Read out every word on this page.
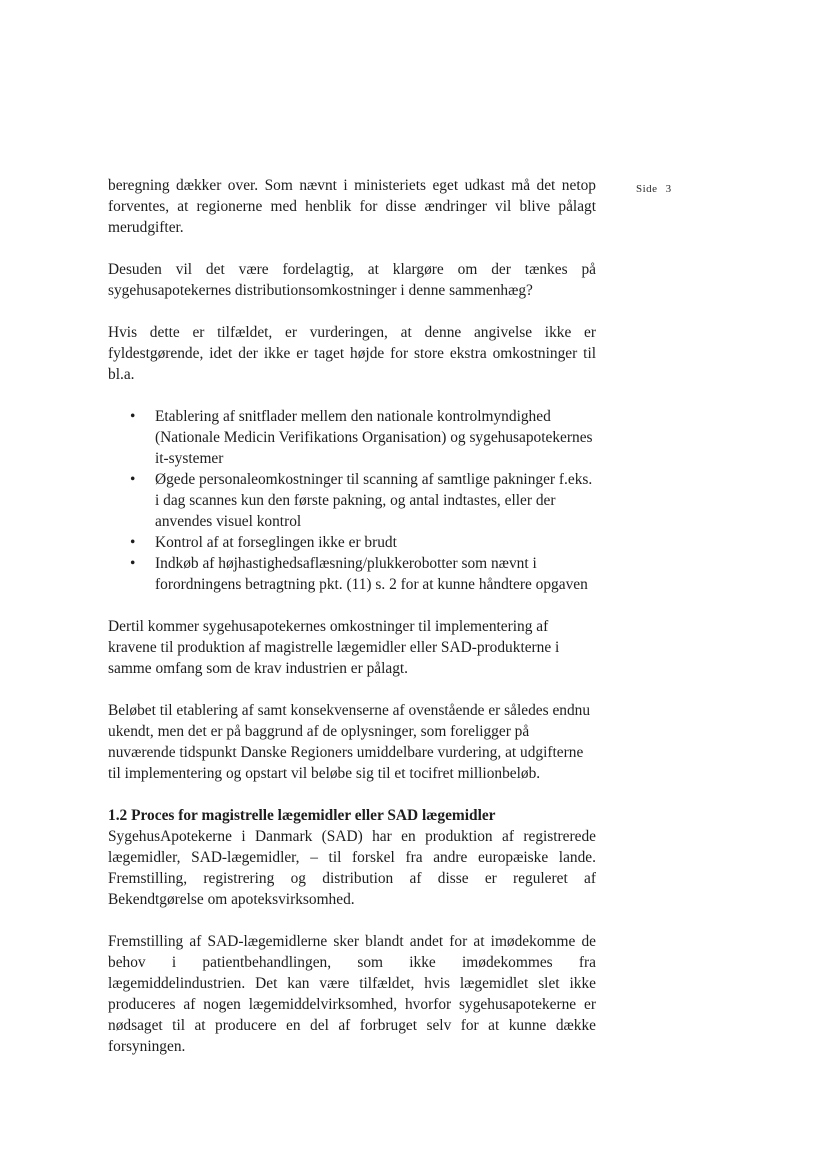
Side 3

beregning dækker over. Som nævnt i ministeriets eget udkast må det netop forventes, at regionerne med henblik for disse ændringer vil blive pålagt merudgifter.

Desuden vil det være fordelagtig, at klargøre om der tænkes på sygehusapotekernes distributionsomkostninger i denne sammenhæg?

Hvis dette er tilfældet, er vurderingen, at denne angivelse ikke er fyldestgørende, idet der ikke er taget højde for store ekstra omkostninger til bl.a.

• Etablering af snitflader mellem den nationale kontrolmyndighed (Nationale Medicin Verifikations Organisation) og sygehusapotekernes it-systemer
• Øgede personaleomkostninger til scanning af samtlige pakninger f.eks. i dag scannes kun den første pakning, og antal indtastes, eller der anvendes visuel kontrol
• Kontrol af at forseglingen ikke er brudt
• Indkøb af højhastighedsaflæsning/plukkerobotter som nævnt i forordningens betragtning pkt. (11) s. 2 for at kunne håndtere opgaven

Dertil kommer sygehusapotekernes omkostninger til implementering af kravene til produktion af magistrelle lægemidler eller SAD-produkterne i samme omfang som de krav industrien er pålagt.

Beløbet til etablering af samt konsekvenserne af ovenstående er således endnu ukendt, men det er på baggrund af de oplysninger, som foreligger på nuværende tidspunkt Danske Regioners umiddelbare vurdering, at udgifterne til implementering og opstart vil beløbe sig til et tocifret millionbeløb.

1.2 Proces for magistrelle lægemidler eller SAD lægemidler

SygehusApotekerne i Danmark (SAD) har en produktion af registrerede lægemidler, SAD-lægemidler, – til forskel fra andre europæiske lande. Fremstilling, registrering og distribution af disse er reguleret af Bekendtgørelse om apoteksvirksomhed.

Fremstilling af SAD-lægemidlerne sker blandt andet for at imødekomme de behov i patientbehandlingen, som ikke imødekommes fra lægemiddelindustrien. Det kan være tilfældet, hvis lægemidlet slet ikke produceres af nogen lægemiddelvirksomhed, hvorfor sygehusapotekerne er nødsaget til at producere en del af forbruget selv for at kunne dække forsyningen.
